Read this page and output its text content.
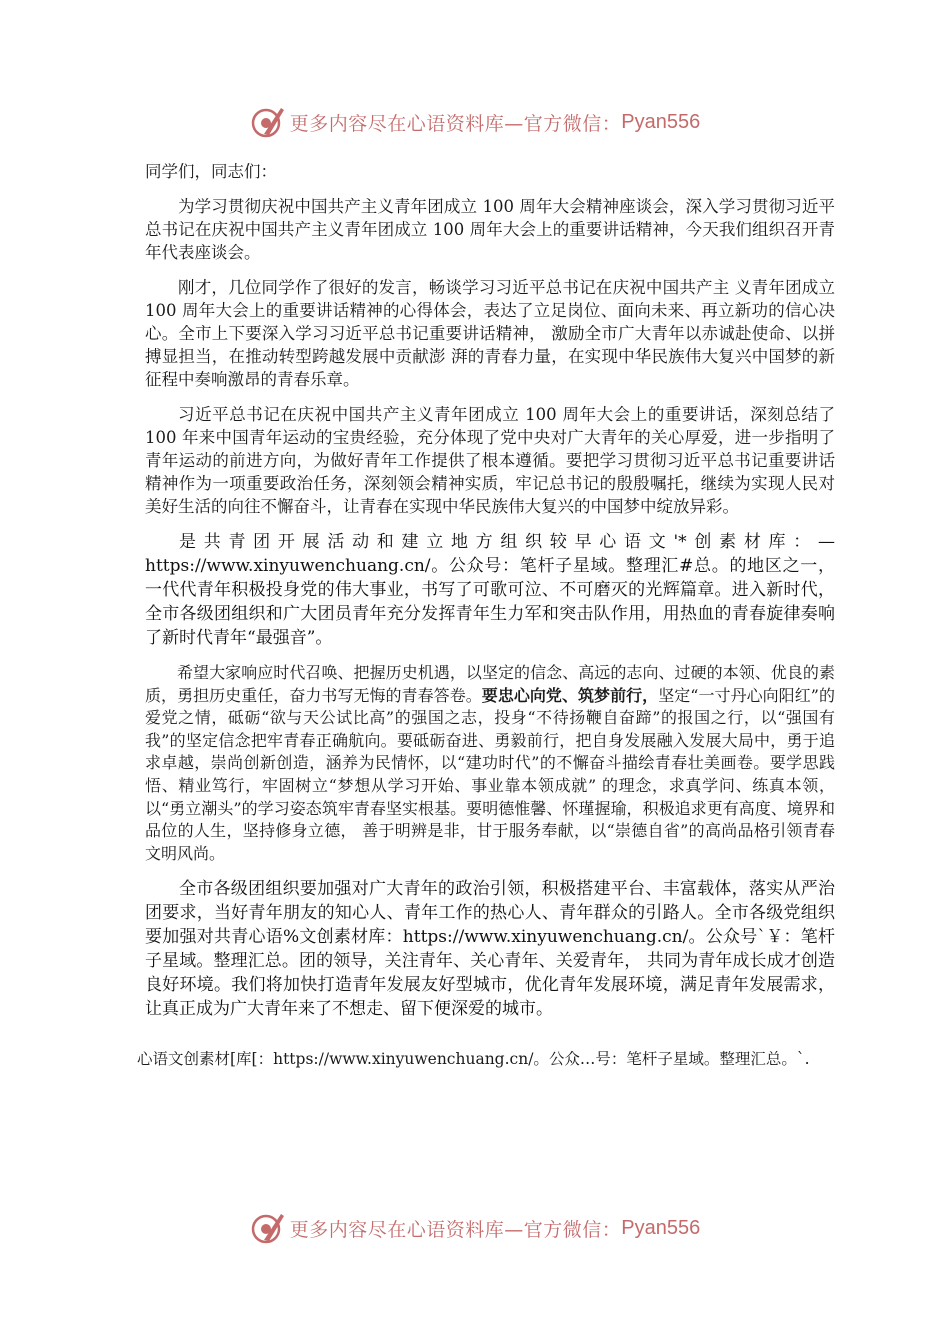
更多内容尽在心语资料库—官方微信： Pyan556
同学们，同志们：

为学习贯彻庆祝中国共产主义青年团成立 100 周年大会精神座谈会，深入学习贯彻习近平总书记在庆祝中国共产主义青年团成立 100 周年大会上的重要讲话精神，今天我们组织召开青年代表座谈会。

刚才，几位同学作了很好的发言，畅谈学习习近平总书记在庆祝中国共产主 义青年团成立 100 周年大会上的重要讲话精神的心得体会，表达了立足岗位、面向未来、再立新功的信心决心。全市上下要深入学习习近平总书记重要讲话精神， 激励全市广大青年以赤诚赴使命、以拼搏显担当，在推动转型跨越发展中贡献澎 湃的青春力量，在实现中华民族伟大复兴中国梦的新征程中奏响激昂的青春乐章。

习近平总书记在庆祝中国共产主义青年团成立 100 周年大会上的重要讲话，深刻总结了 100 年来中国青年运动的宝贵经验，充分体现了党中央对广大青年的关心厚爱，进一步指明了青年运动的前进方向，为做好青年工作提供了根本遵循。要把学习贯彻习近平总书记重要讲话精神作为一项重要政治任务，深刻领会精神实质，牢记总书记的殷殷嘱托，继续为实现人民对美好生活的向往不懈奋斗，让青春在实现中华民族伟大复兴的中国梦中绽放异彩。

是共青团开展活动和建立地方组织较早心语文'*创素材库：—https://www.xinyuwenchuang.cn/。公众号：笔杆子星域。整理汇#总。的地区之一，一代代青年积极投身党的伟大事业，书写了可歌可泣、不可磨灭的光辉篇章。进入新时代，全市各级团组织和广大团员青年充分发挥青年生力军和突击队作用，用热血的青春旋律奏响了新时代青年“最强音”。

希望大家响应时代召唤、把握历史机遇，以坚定的信念、高远的志向、过硬的本领、优良的素质，勇担历史重任，奋力书写无悔的青春答卷。要忠心向党、筑梦前行，坚定“一寸丹心向阳红”的爱党之情，砥砺“欲与天公试比高”的强国之志，投身“不待扬鞭自奋蹄”的报国之行，以“强国有我”的坚定信念把牢青春正确航向。要砥砺奋进、勇毅前行，把自身发展融入发展大局中，勇于追求卓越，崇尚创新创造，涵养为民情怀，以“建功时代”的不懈奋斗描绘青春壮美画卷。要学思践悟、精业笃行，牢固树立“梦想从学习开始、事业靠本领成就” 的理念，求真学问、练真本领，以“勇立潮头”的学习姿态筑牢青春坚实根基。要明德惟馨、怀瑾握瑜，积极追求更有高度、境界和品位的人生，坚持修身立德， 善于明辨是非，甘于服务奉献，以“崇德自省”的高尚品格引领青春文明风尚。

全市各级团组织要加强对广大青年的政治引领，积极搭建平台、丰富载体，落实从严治团要求，当好青年朋友的知心人、青年工作的热心人、青年群众的引路人。全市各级党组织要加强对共青心语%文创素材库：https://www.xinyuwenchuang.cn/。公众号`￥：笔杆子星域。整理汇总。团的领导，关注青年、关心青年、关爱青年， 共同为青年成长成才创造良好环境。我们将加快打造青年发展友好型城市，优化青年发展环境，满足青年发展需求，让真正成为广大青年来了不想走、留下便深爱的城市。

心语文创素材[库[：https://www.xinyuwenchuang.cn/。公众…号：笔杆子星域。整理汇总。`.
更多内容尽在心语资料库—官方微信： Pyan556
